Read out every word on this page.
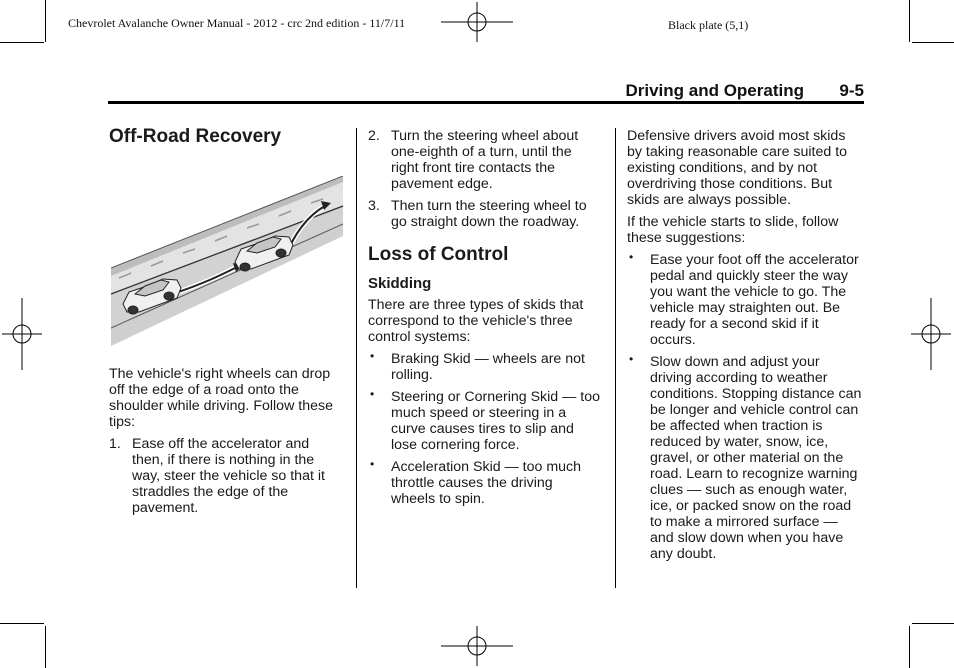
Chevrolet Avalanche Owner Manual - 2012 - crc 2nd edition - 11/7/11	Black plate (5,1)
Driving and Operating 9-5
Off-Road Recovery

The vehicle's right wheels can drop off the edge of a road onto the shoulder while driving. Follow these tips:

1. Ease off the accelerator and then, if there is nothing in the way, steer the vehicle so that it straddles the edge of the pavement.
2. Turn the steering wheel about one-eighth of a turn, until the right front tire contacts the pavement edge.
3. Then turn the steering wheel to go straight down the roadway.
Loss of Control
Skidding

There are three types of skids that correspond to the vehicle's three control systems:

• Braking Skid — wheels are not rolling.
• Steering or Cornering Skid — too much speed or steering in a curve causes tires to slip and lose cornering force.
• Acceleration Skid — too much throttle causes the driving wheels to spin.

Defensive drivers avoid most skids by taking reasonable care suited to existing conditions, and by not overdriving those conditions. But skids are always possible.

If the vehicle starts to slide, follow these suggestions:

• Ease your foot off the accelerator pedal and quickly steer the way you want the vehicle to go. The vehicle may straighten out. Be ready for a second skid if it occurs.
• Slow down and adjust your driving according to weather conditions. Stopping distance can be longer and vehicle control can be affected when traction is reduced by water, snow, ice, gravel, or other material on the road. Learn to recognize warning clues — such as enough water, ice, or packed snow on the road to make a mirrored surface — and slow down when you have any doubt.
